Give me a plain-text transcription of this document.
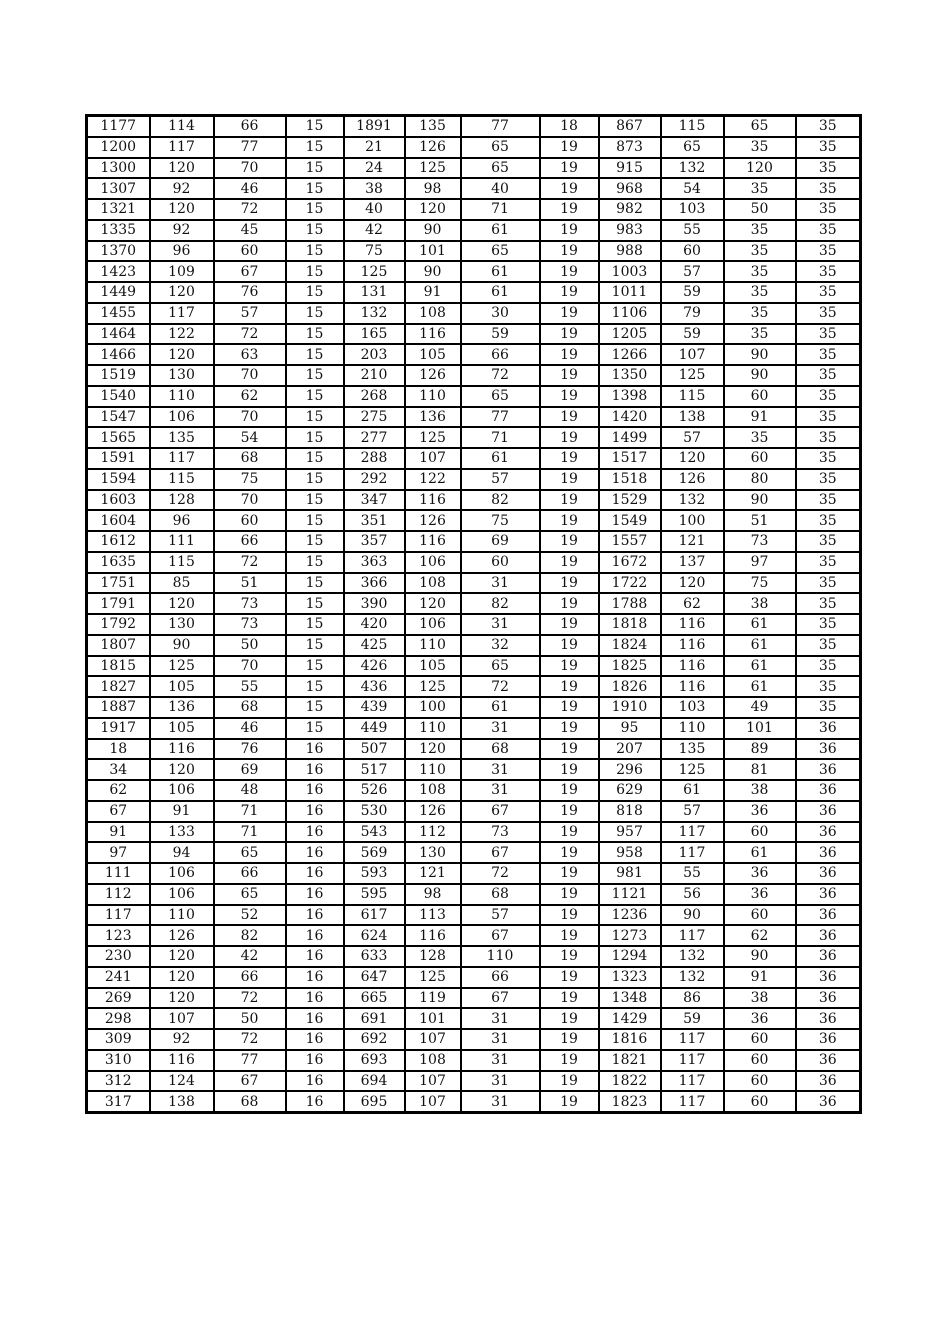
1177	114	66	15	1891	135	77	18	867	115	65	35
1200	117	77	15	21	126	65	19	873	65	35	35
1300	120	70	15	24	125	65	19	915	132	120	35
1307	92	46	15	38	98	40	19	968	54	35	35
1321	120	72	15	40	120	71	19	982	103	50	35
1335	92	45	15	42	90	61	19	983	55	35	35
1370	96	60	15	75	101	65	19	988	60	35	35
1423	109	67	15	125	90	61	19	1003	57	35	35
1449	120	76	15	131	91	61	19	1011	59	35	35
1455	117	57	15	132	108	30	19	1106	79	35	35
1464	122	72	15	165	116	59	19	1205	59	35	35
1466	120	63	15	203	105	66	19	1266	107	90	35
1519	130	70	15	210	126	72	19	1350	125	90	35
1540	110	62	15	268	110	65	19	1398	115	60	35
1547	106	70	15	275	136	77	19	1420	138	91	35
1565	135	54	15	277	125	71	19	1499	57	35	35
1591	117	68	15	288	107	61	19	1517	120	60	35
1594	115	75	15	292	122	57	19	1518	126	80	35
1603	128	70	15	347	116	82	19	1529	132	90	35
1604	96	60	15	351	126	75	19	1549	100	51	35
1612	111	66	15	357	116	69	19	1557	121	73	35
1635	115	72	15	363	106	60	19	1672	137	97	35
1751	85	51	15	366	108	31	19	1722	120	75	35
1791	120	73	15	390	120	82	19	1788	62	38	35
1792	130	73	15	420	106	31	19	1818	116	61	35
1807	90	50	15	425	110	32	19	1824	116	61	35
1815	125	70	15	426	105	65	19	1825	116	61	35
1827	105	55	15	436	125	72	19	1826	116	61	35
1887	136	68	15	439	100	61	19	1910	103	49	35
1917	105	46	15	449	110	31	19	95	110	101	36
18	116	76	16	507	120	68	19	207	135	89	36
34	120	69	16	517	110	31	19	296	125	81	36
62	106	48	16	526	108	31	19	629	61	38	36
67	91	71	16	530	126	67	19	818	57	36	36
91	133	71	16	543	112	73	19	957	117	60	36
97	94	65	16	569	130	67	19	958	117	61	36
111	106	66	16	593	121	72	19	981	55	36	36
112	106	65	16	595	98	68	19	1121	56	36	36
117	110	52	16	617	113	57	19	1236	90	60	36
123	126	82	16	624	116	67	19	1273	117	62	36
230	120	42	16	633	128	110	19	1294	132	90	36
241	120	66	16	647	125	66	19	1323	132	91	36
269	120	72	16	665	119	67	19	1348	86	38	36
298	107	50	16	691	101	31	19	1429	59	36	36
309	92	72	16	692	107	31	19	1816	117	60	36
310	116	77	16	693	108	31	19	1821	117	60	36
312	124	67	16	694	107	31	19	1822	117	60	36
317	138	68	16	695	107	31	19	1823	117	60	36
